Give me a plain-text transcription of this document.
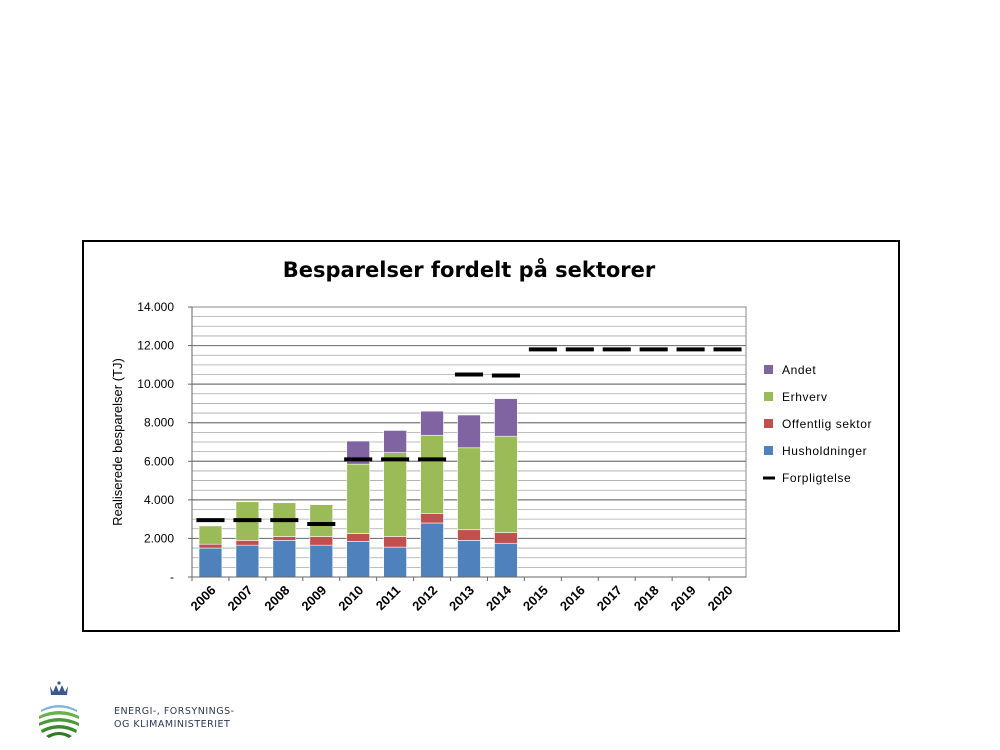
-
2.000
4.000
6.000
8.000
10.000
12.000
14.000
Realiserede besparelser (TJ)
Besparelser fordelt på sektorer
2006 2007 2008 2009 2010 2011 2012 2013 2014 2015 2016 2017 2018 2019 2020
Andet
Erhverv
Offentlig sektor
Husholdninger
Forpligtelse
ENERGI-, FORSYNINGS-
OG KLIMAMINISTERIET
